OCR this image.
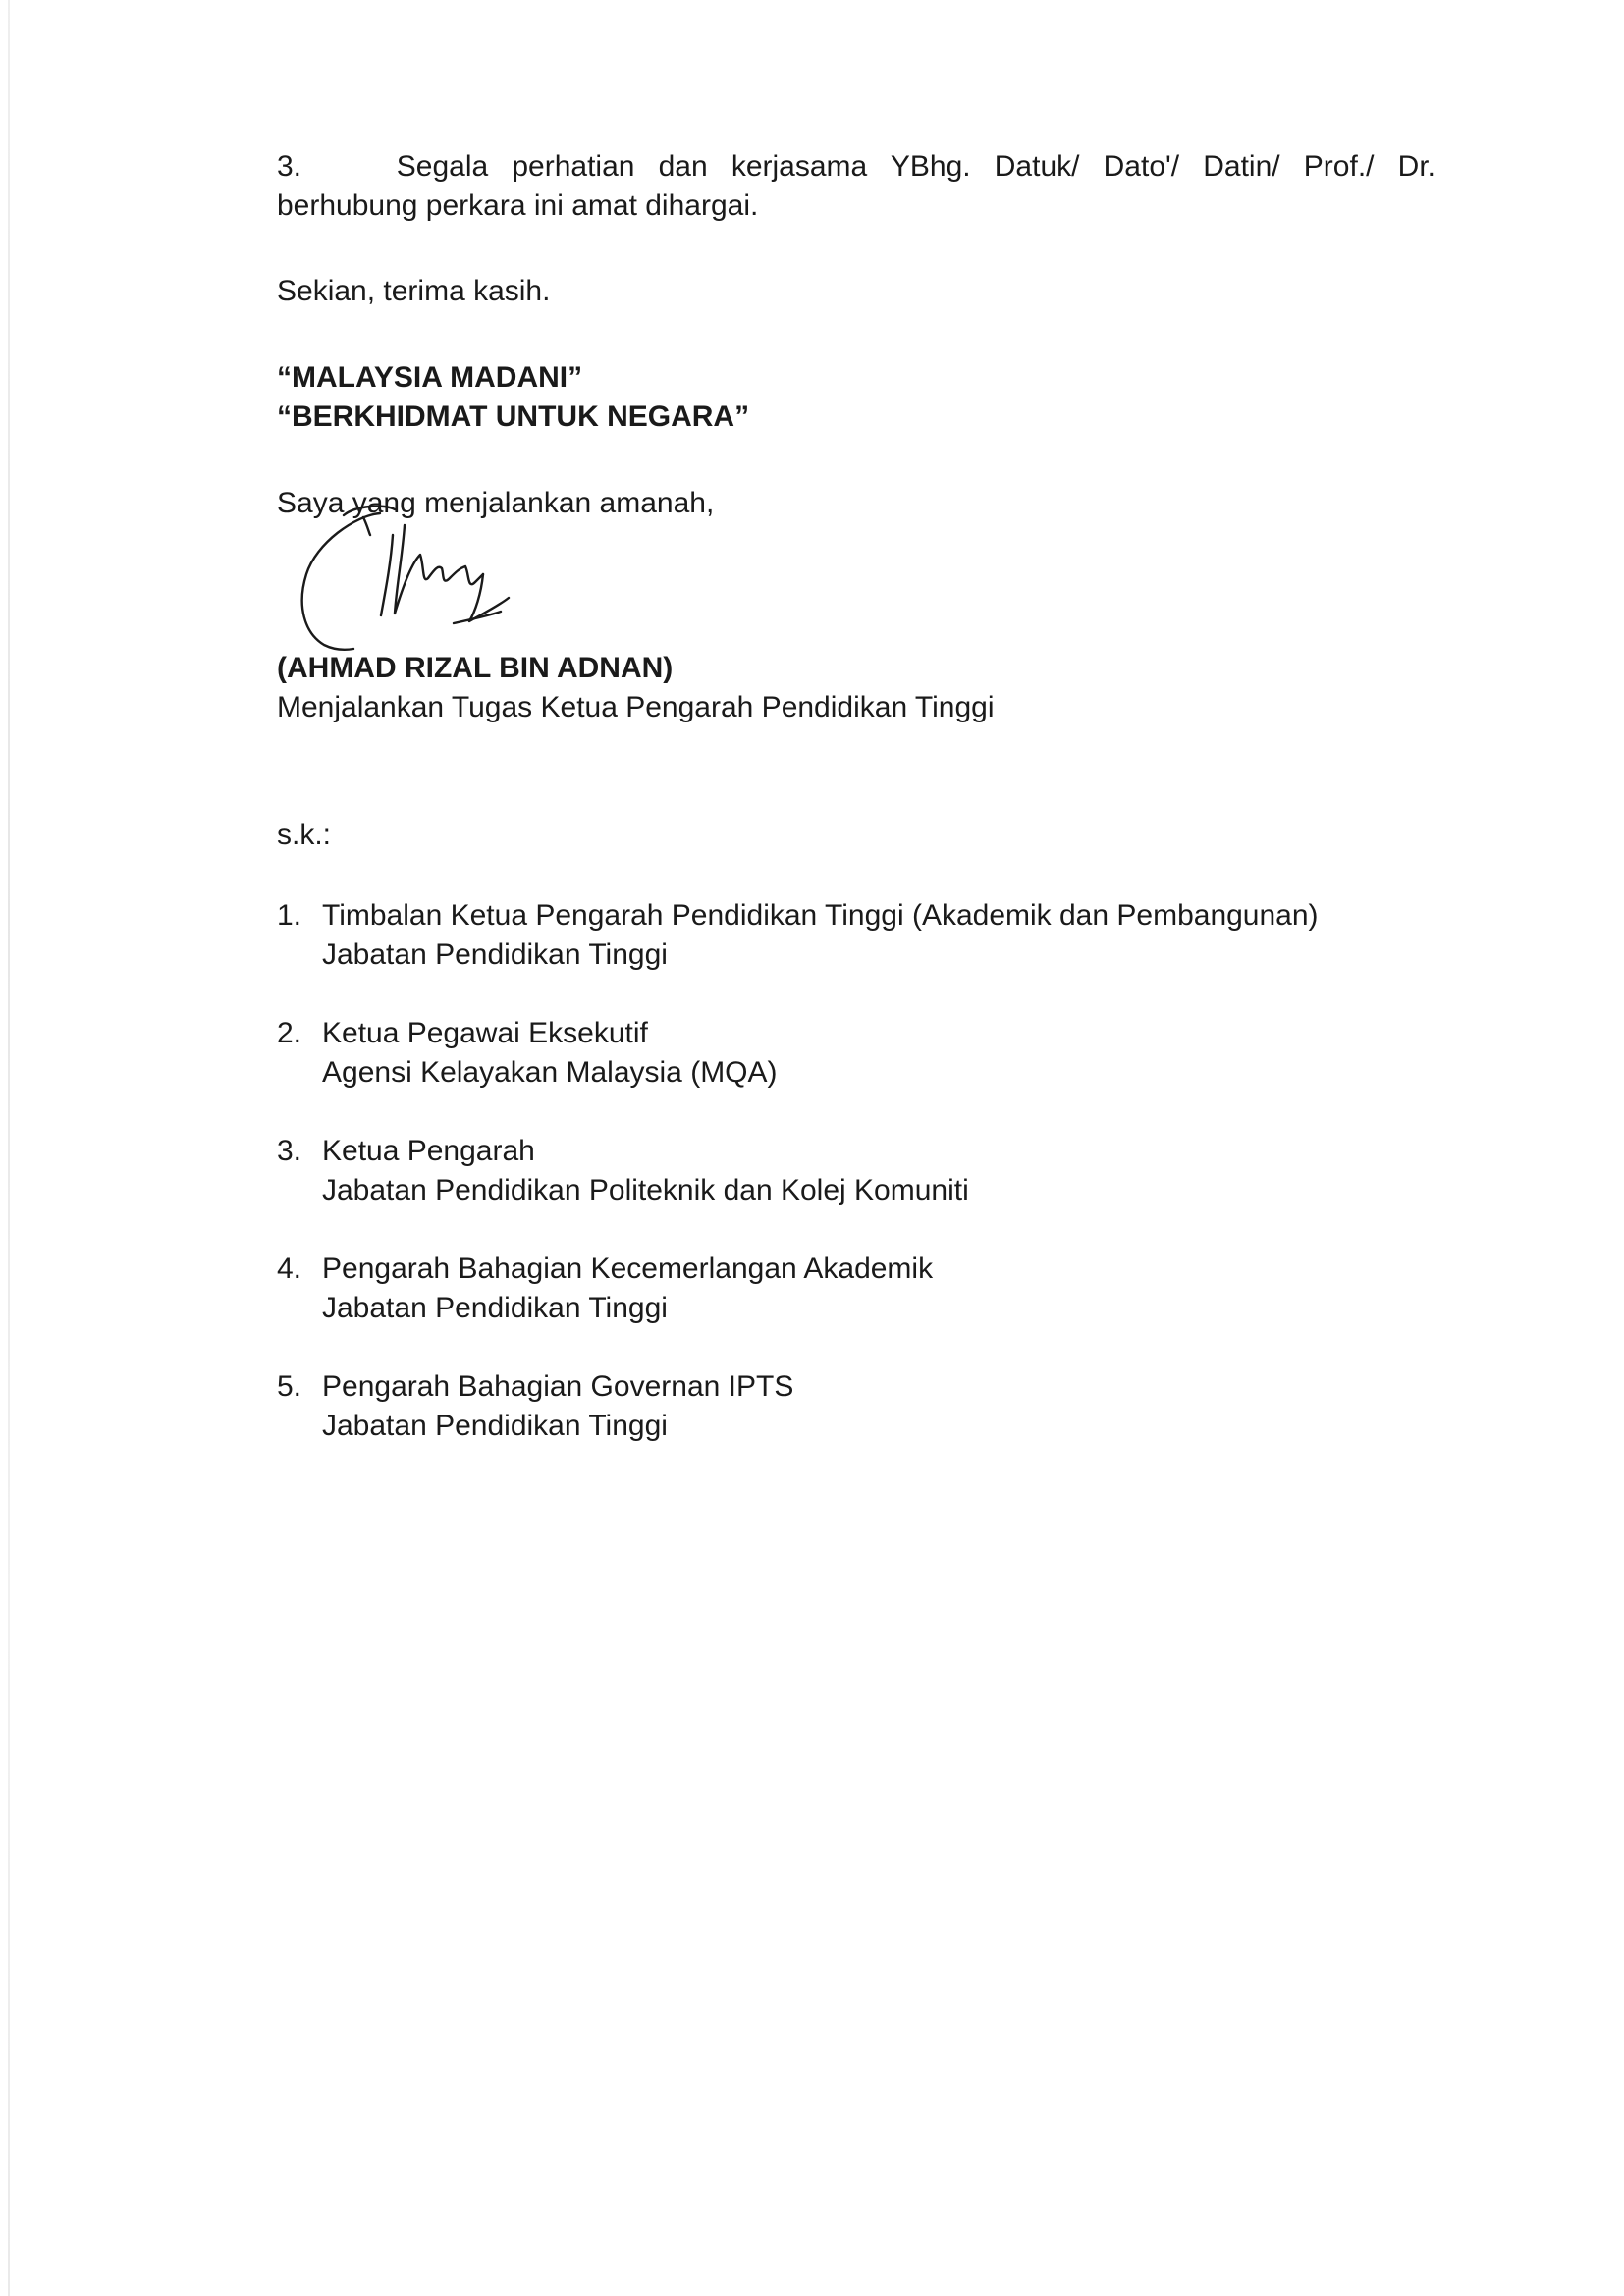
3.	Segala perhatian dan kerjasama YBhg. Datuk/ Dato'/ Datin/ Prof./ Dr.
berhubung perkara ini amat dihargai.

Sekian, terima kasih.

“MALAYSIA MADANI”

“BERKHIDMAT UNTUK NEGARA”

Saya yang menjalankan amanah,

(AHMAD RIZAL BIN ADNAN)

Menjalankan Tugas Ketua Pengarah Pendidikan Tinggi

s.k.:

1. Timbalan Ketua Pengarah Pendidikan Tinggi (Akademik dan Pembangunan)

Jabatan Pendidikan Tinggi

2. Ketua Pegawai Eksekutif

Agensi Kelayakan Malaysia (MQA)

3. Ketua Pengarah

Jabatan Pendidikan Politeknik dan Kolej Komuniti

4. Pengarah Bahagian Kecemerlangan Akademik

Jabatan Pendidikan Tinggi

5. Pengarah Bahagian Governan IPTS

Jabatan Pendidikan Tinggi
